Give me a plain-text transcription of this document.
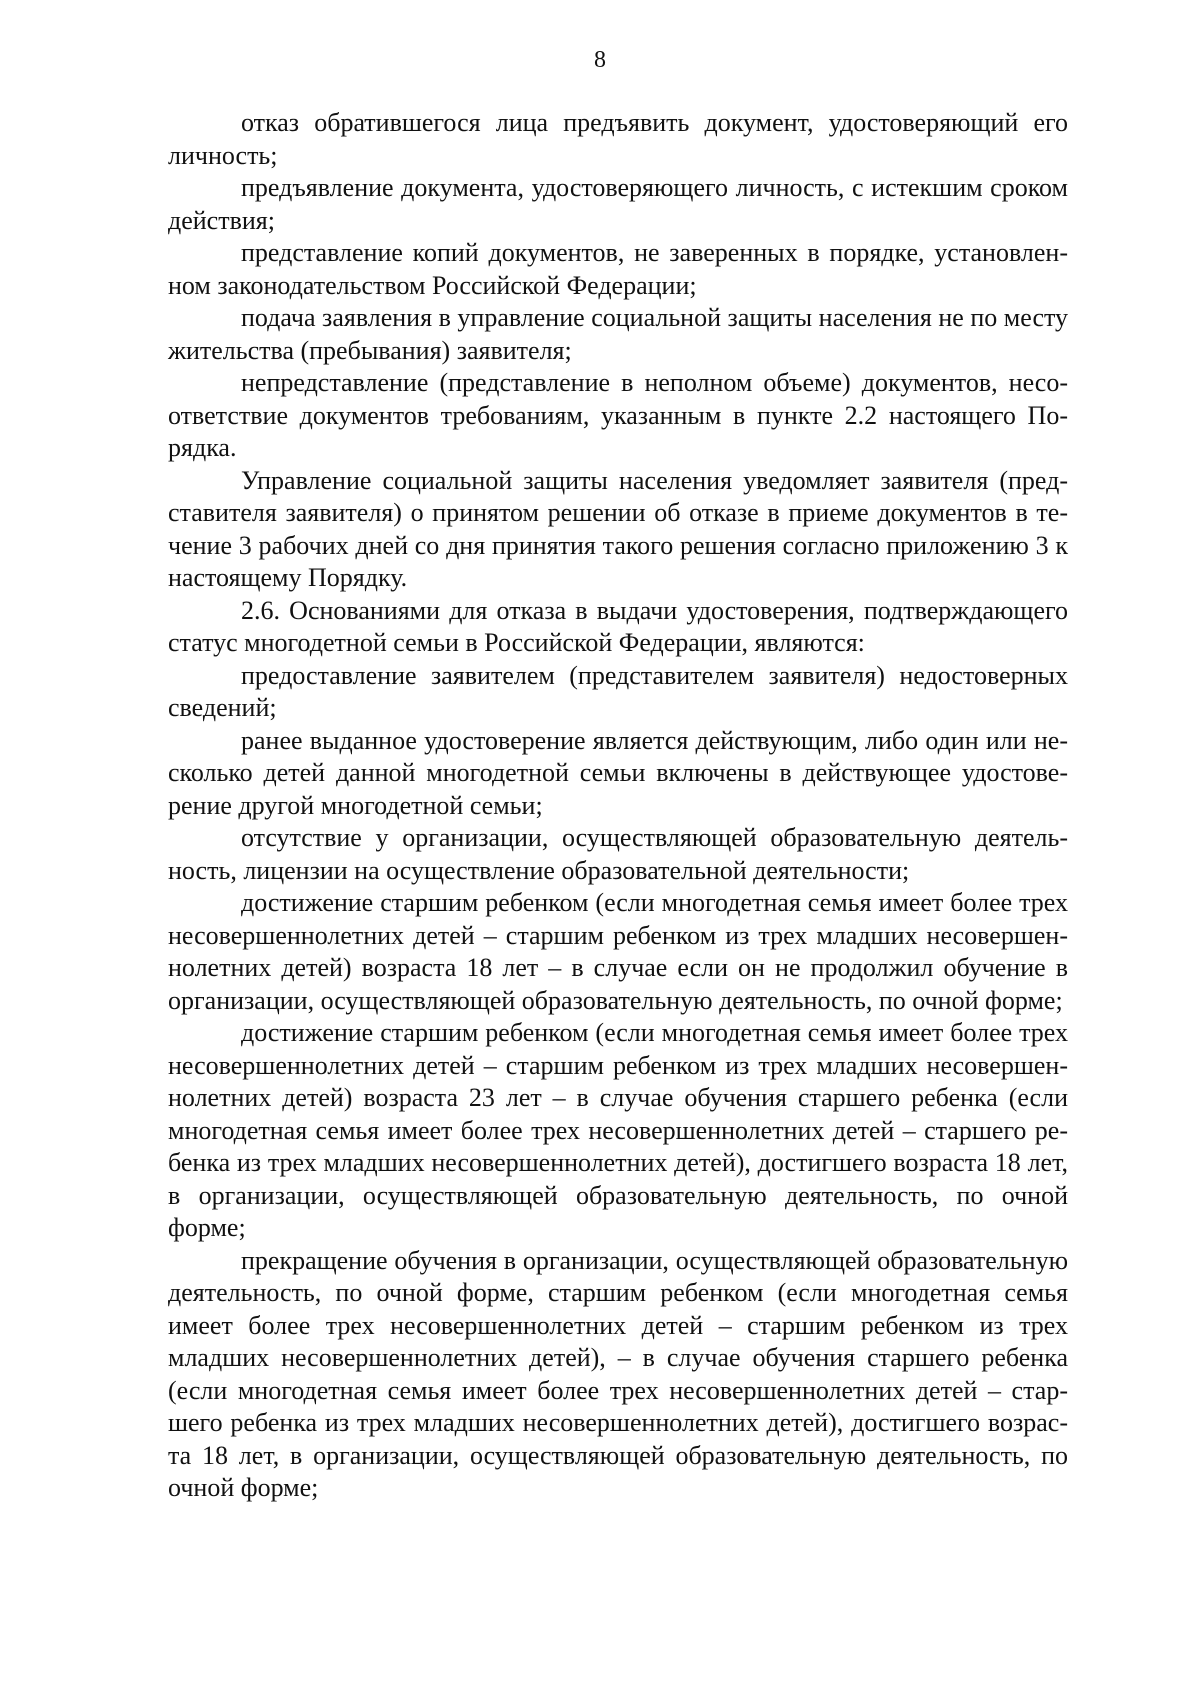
8

отказ обратившегося лица предъявить документ, удостоверяющий его личность;

предъявление документа, удостоверяющего личность, с истекшим сроком действия;

представление копий документов, не заверенных в порядке, установленном законодательством Российской Федерации;

подача заявления в управление социальной защиты населения не по месту жительства (пребывания) заявителя;

непредставление (представление в неполном объеме) документов, несоответствие документов требованиям, указанным в пункте 2.2 настоящего Порядка.

Управление социальной защиты населения уведомляет заявителя (представителя заявителя) о принятом решении об отказе в приеме документов в течение 3 рабочих дней со дня принятия такого решения согласно приложению 3 к настоящему Порядку.

2.6. Основаниями для отказа в выдачи удостоверения, подтверждающего статус многодетной семьи в Российской Федерации, являются:

предоставление заявителем (представителем заявителя) недостоверных сведений;

ранее выданное удостоверение является действующим, либо один или несколько детей данной многодетной семьи включены в действующее удостоверение другой многодетной семьи;

отсутствие у организации, осуществляющей образовательную деятельность, лицензии на осуществление образовательной деятельности;

достижение старшим ребенком (если многодетная семья имеет более трех несовершеннолетних детей – старшим ребенком из трех младших несовершеннолетних детей) возраста 18 лет – в случае если он не продолжил обучение в организации, осуществляющей образовательную деятельность, по очной форме;

достижение старшим ребенком (если многодетная семья имеет более трех несовершеннолетних детей – старшим ребенком из трех младших несовершеннолетних детей) возраста 23 лет – в случае обучения старшего ребенка (если многодетная семья имеет более трех несовершеннолетних детей – старшего ребенка из трех младших несовершеннолетних детей), достигшего возраста 18 лет, в организации, осуществляющей образовательную деятельность, по очной форме;

прекращение обучения в организации, осуществляющей образовательную деятельность, по очной форме, старшим ребенком (если многодетная семья имеет более трех несовершеннолетних детей – старшим ребенком из трех младших несовершеннолетних детей), – в случае обучения старшего ребенка (если многодетная семья имеет более трех несовершеннолетних детей – старшего ребенка из трех младших несовершеннолетних детей), достигшего возраста 18 лет, в организации, осуществляющей образовательную деятельность, по очной форме;
